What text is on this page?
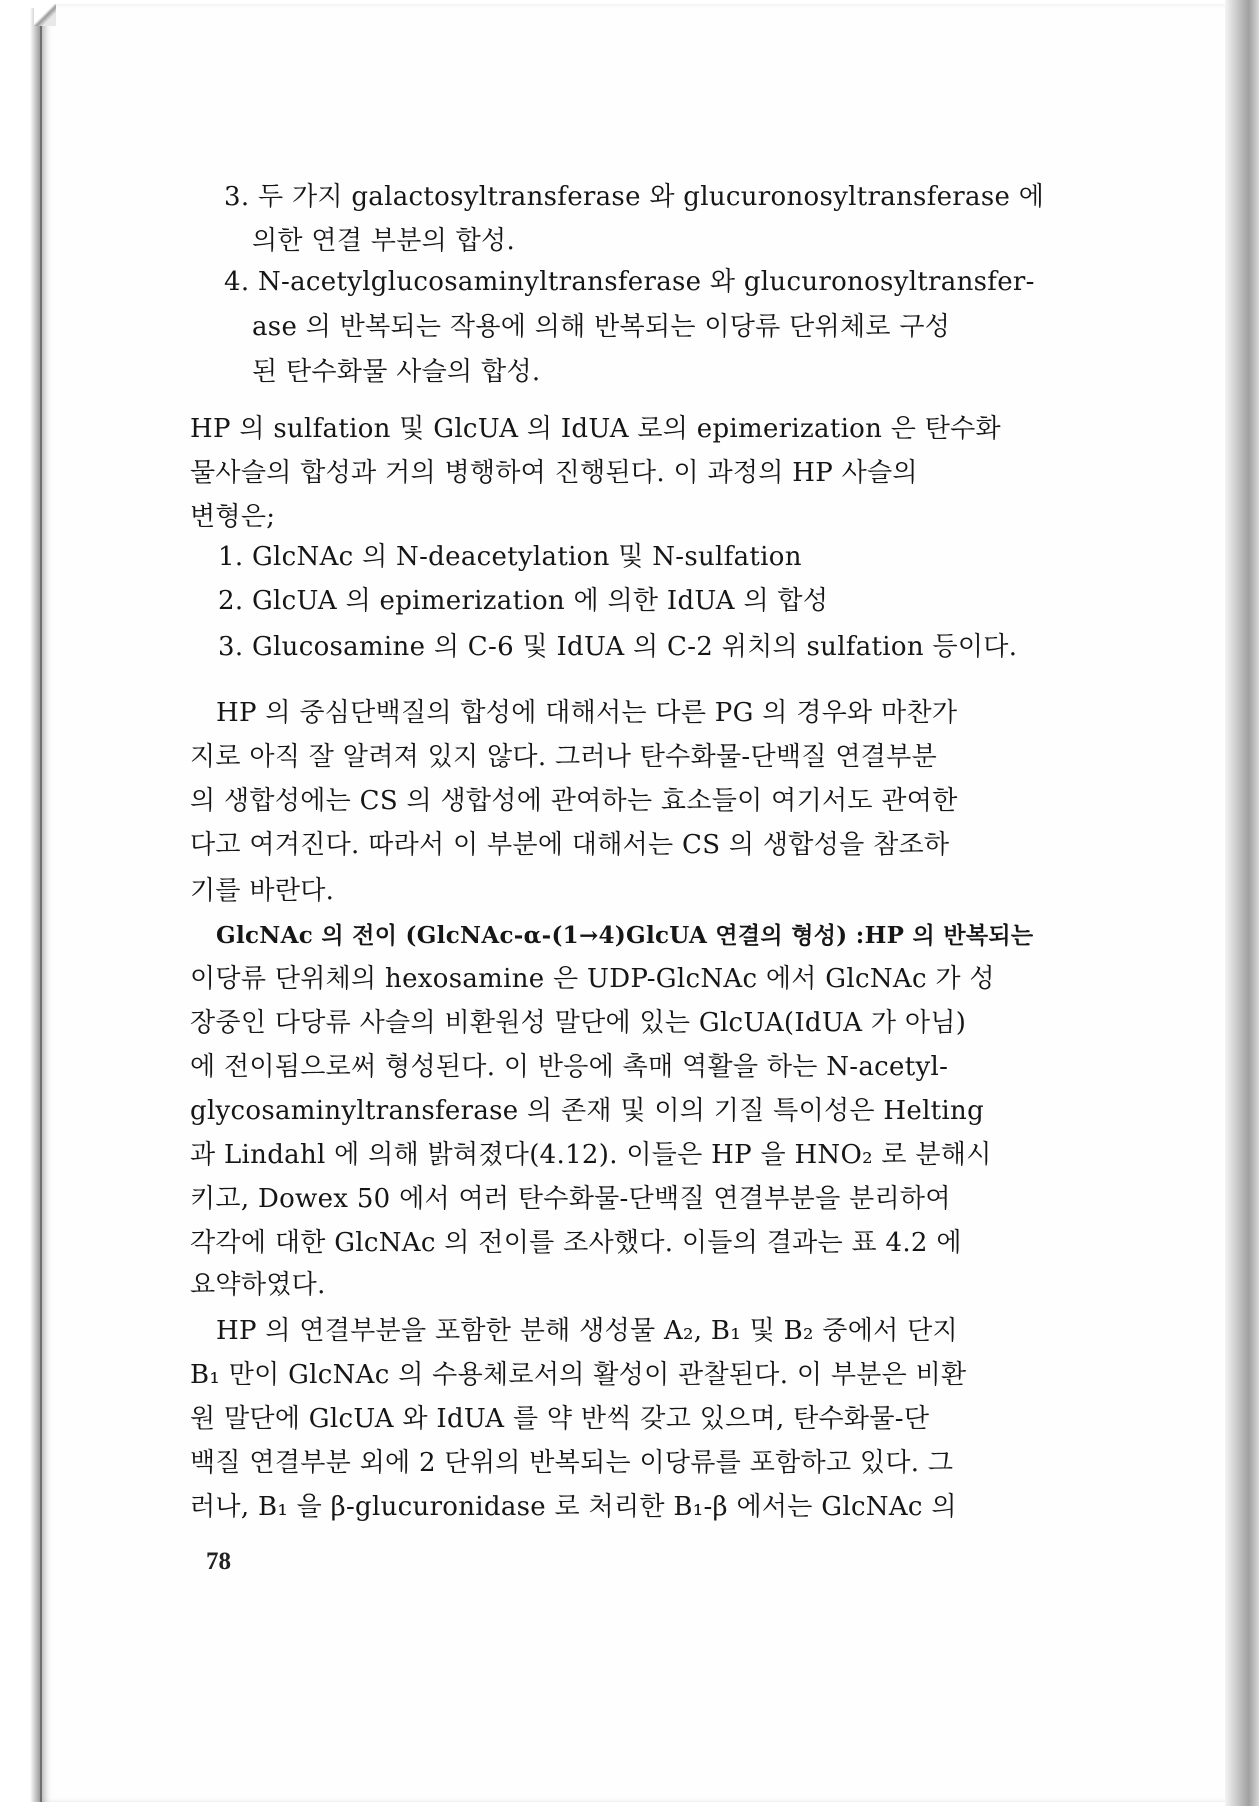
3. 두 가지 galactosyltransferase 와 glucuronosyltransferase 에
의한 연결 부분의 합성.
4. N-acetylglucosaminyltransferase 와 glucuronosyltransfer-
ase 의 반복되는 작용에 의해 반복되는 이당류 단위체로 구성
된 탄수화물 사슬의 합성.
HP 의 sulfation 및 GlcUA 의 IdUA 로의 epimerization 은 탄수화
물사슬의 합성과 거의 병행하여 진행된다. 이 과정의 HP 사슬의
변형은;
1. GlcNAc 의 N-deacetylation 및 N-sulfation
2. GlcUA 의 epimerization 에 의한 IdUA 의 합성
3. Glucosamine 의 C-6 및 IdUA 의 C-2 위치의 sulfation 등이다.
HP 의 중심단백질의 합성에 대해서는 다른 PG 의 경우와 마찬가
지로 아직 잘 알려져 있지 않다. 그러나 탄수화물-단백질 연결부분
의 생합성에는 CS 의 생합성에 관여하는 효소들이 여기서도 관여한
다고 여겨진다. 따라서 이 부분에 대해서는 CS 의 생합성을 참조하
기를 바란다.
GlcNAc 의 전이 (GlcNAc-α-(1→4)GlcUA 연결의 형성) :HP 의 반복되는
이당류 단위체의 hexosamine 은 UDP-GlcNAc 에서 GlcNAc 가 성
장중인 다당류 사슬의 비환원성 말단에 있는 GlcUA(IdUA 가 아님)
에 전이됨으로써 형성된다. 이 반응에 촉매 역활을 하는 N-acetyl-
glycosaminyltransferase 의 존재 및 이의 기질 특이성은 Helting
과 Lindahl 에 의해 밝혀졌다(4.12). 이들은 HP 을 HNO₂ 로 분해시
키고, Dowex 50 에서 여러 탄수화물-단백질 연결부분을 분리하여
각각에 대한 GlcNAc 의 전이를 조사했다. 이들의 결과는 표 4.2 에
요약하였다.
HP 의 연결부분을 포함한 분해 생성물 A₂, B₁ 및 B₂ 중에서 단지
B₁ 만이 GlcNAc 의 수용체로서의 활성이 관찰된다. 이 부분은 비환
원 말단에 GlcUA 와 IdUA 를 약 반씩 갖고 있으며, 탄수화물-단
백질 연결부분 외에 2 단위의 반복되는 이당류를 포함하고 있다. 그
러나, B₁ 을 β-glucuronidase 로 처리한 B₁-β 에서는 GlcNAc 의
78
